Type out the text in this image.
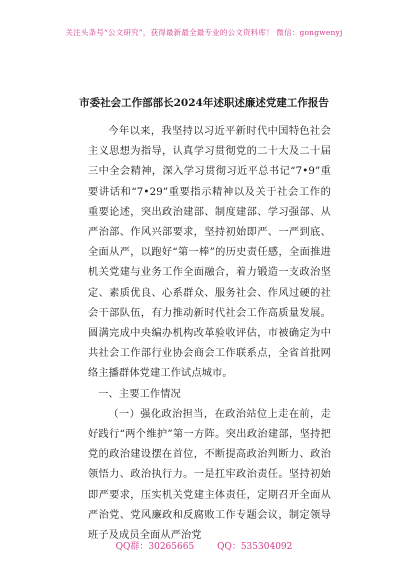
关注头条号“公文研究”，获得最新最全最专业的公文资料库！ 微信：gongwenyj
市委社会工作部部长2024年述职述廉述党建工作报告

今年以来，我坚持以习近平新时代中国特色社会主义思想为指导，认真学习贯彻党的二十大及二十届三中全会精神，深入学习贯彻习近平总书记“7•9”重要讲话和“7•29”重要指示精神以及关于社会工作的重要论述，突出政治建部、制度建部、学习强部、从严治部、作风兴部要求，坚持初始即严、一严到底、全面从严，以跑好“第一棒”的历史责任感，全面推进机关党建与业务工作全面融合，着力锻造一支政治坚定、素质优良、心系群众、服务社会、作风过硬的社会干部队伍，有力推动新时代社会工作高质量发展。圆满完成中央编办机构改革验收评估，市被确定为中共社会工作部行业协会商会工作联系点，全省首批网络主播群体党建工作试点城市。

一、主要工作情况

（一）强化政治担当，在政治站位上走在前，走好践行“两个维护”第一方阵。突出政治建部，坚持把党的政治建设摆在首位，不断提高政治判断力、政治领悟力、政治执行力。一是扛牢政治责任。坚持初始即严要求，压实机关党建主体责任，定期召开全面从严治党、党风廉政和反腐败工作专题会议，制定领导班子及成员全面从严治党

QQ群：30265665	QQ：535304092
